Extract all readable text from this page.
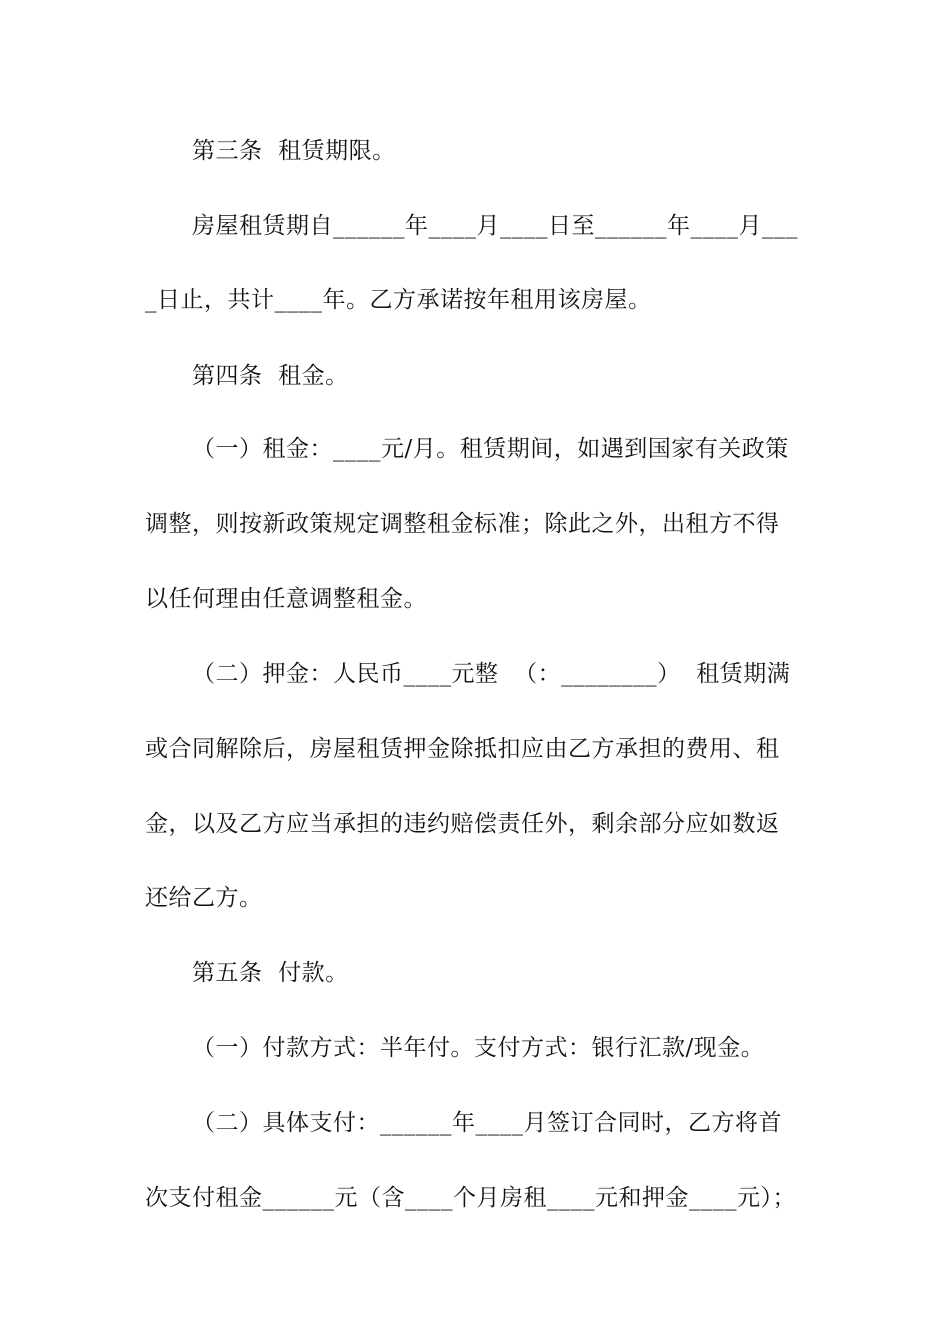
第三条  租赁期限。
房屋租赁期自______年____月____日至______年____月___
_日止，共计____年。乙方承诺按年租用该房屋。
第四条  租金。
（一）租金：____元/月。租赁期间，如遇到国家有关政策
调整，则按新政策规定调整租金标准；除此之外，出租方不得
以任何理由任意调整租金。
（二）押金：人民币____元整  （：________）  租赁期满
或合同解除后，房屋租赁押金除抵扣应由乙方承担的费用、租
金，以及乙方应当承担的违约赔偿责任外，剩余部分应如数返
还给乙方。
第五条  付款。
（一）付款方式：半年付。支付方式：银行汇款/现金。
（二）具体支付：______年____月签订合同时，乙方将首
次支付租金______元（含____个月房租____元和押金____元）；
